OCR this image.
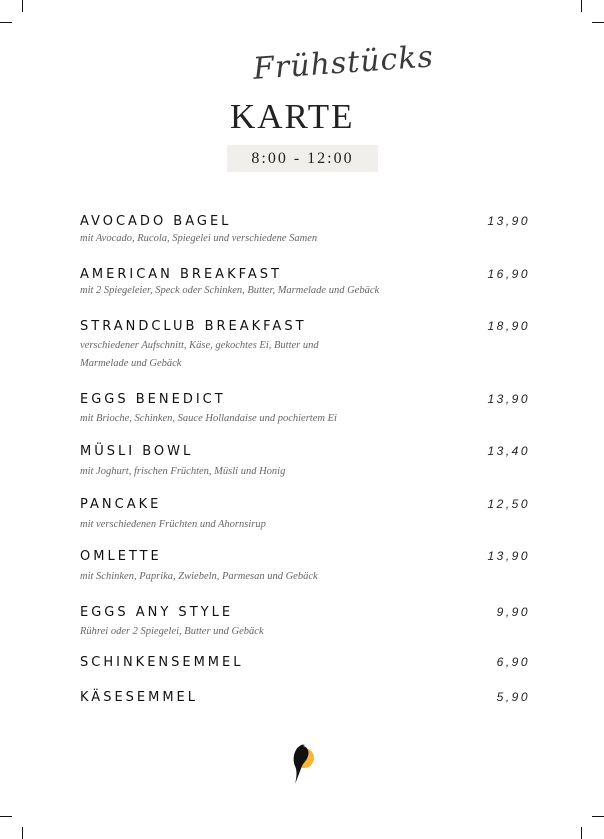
Frühstücks
KARTE
8:00 - 12:00
AVOCADO BAGEL
mit Avocado, Rucola, Spiegelei und verschiedene Samen
13,90
AMERICAN BREAKFAST
mit 2 Spiegeleier, Speck oder Schinken, Butter, Marmelade und Gebäck
16,90
STRANDCLUB BREAKFAST
verschiedener Aufschnitt, Käse, gekochtes Ei, Butter und Marmelade und Gebäck
18,90
EGGS BENEDICT
mit Brioche, Schinken, Sauce Hollandaise und pochiertem Ei
13,90
MÜSLI BOWL
mit Joghurt, frischen Früchten, Müsli und Honig
13,40
PANCAKE
mit verschiedenen Früchten und Ahornsirup
12,50
OMLETTE
mit Schinken, Paprika, Zwiebeln, Parmesan und Gebäck
13,90
EGGS ANY STYLE
Rührei oder 2 Spiegelei, Butter und Gebäck
9,90
SCHINKENSEMMEL	6,90
KÄSESEMMEL	5,90
